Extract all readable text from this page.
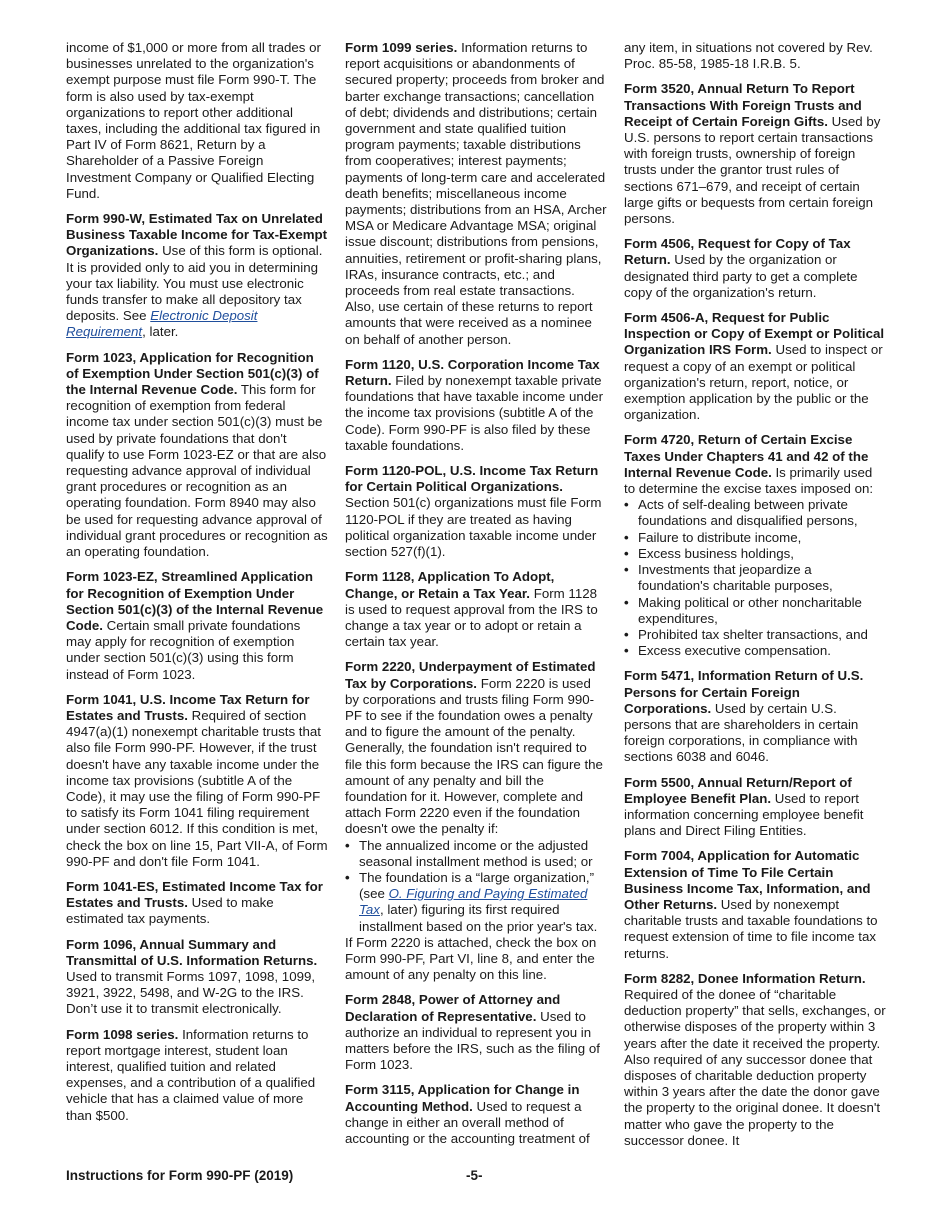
income of $1,000 or more from all trades or businesses unrelated to the organization's exempt purpose must file Form 990-T. The form is also used by tax-exempt organizations to report other additional taxes, including the additional tax figured in Part IV of Form 8621, Return by a Shareholder of a Passive Foreign Investment Company or Qualified Electing Fund.

Form 990-W, Estimated Tax on Unrelated Business Taxable Income for Tax-Exempt Organizations. Use of this form is optional. It is provided only to aid you in determining your tax liability. You must use electronic funds transfer to make all depository tax deposits. See Electronic Deposit Requirement, later.

Form 1023, Application for Recognition of Exemption Under Section 501(c)(3) of the Internal Revenue Code. This form for recognition of exemption from federal income tax under section 501(c)(3) must be used by private foundations that don't qualify to use Form 1023-EZ or that are also requesting advance approval of individual grant procedures or recognition as an operating foundation. Form 8940 may also be used for requesting advance approval of individual grant procedures or recognition as an operating foundation.

Form 1023-EZ, Streamlined Application for Recognition of Exemption Under Section 501(c)(3) of the Internal Revenue Code. Certain small private foundations may apply for recognition of exemption under section 501(c)(3) using this form instead of Form 1023.

Form 1041, U.S. Income Tax Return for Estates and Trusts. Required of section 4947(a)(1) nonexempt charitable trusts that also file Form 990-PF. However, if the trust doesn't have any taxable income under the income tax provisions (subtitle A of the Code), it may use the filing of Form 990-PF to satisfy its Form 1041 filing requirement under section 6012. If this condition is met, check the box on line 15, Part VII-A, of Form 990-PF and don't file Form 1041.

Form 1041-ES, Estimated Income Tax for Estates and Trusts. Used to make estimated tax payments.

Form 1096, Annual Summary and Transmittal of U.S. Information Returns. Used to transmit Forms 1097, 1098, 1099, 3921, 3922, 5498, and W-2G to the IRS. Don’t use it to transmit electronically.

Form 1098 series. Information returns to report mortgage interest, student loan interest, qualified tuition and related expenses, and a contribution of a qualified vehicle that has a claimed value of more than $500.

Form 1099 series. Information returns to report acquisitions or abandonments of secured property; proceeds from broker and barter exchange transactions; cancellation of debt; dividends and distributions; certain government and state qualified tuition program payments; taxable distributions from cooperatives; interest payments; payments of long-term care and accelerated death benefits; miscellaneous income payments; distributions from an HSA, Archer MSA or Medicare Advantage MSA; original issue discount; distributions from pensions, annuities, retirement or profit-sharing plans, IRAs, insurance contracts, etc.; and proceeds from real estate transactions. Also, use certain of these returns to report amounts that were received as a nominee on behalf of another person.

Form 1120, U.S. Corporation Income Tax Return. Filed by nonexempt taxable private foundations that have taxable income under the income tax provisions (subtitle A of the Code). Form 990-PF is also filed by these taxable foundations.

Form 1120-POL, U.S. Income Tax Return for Certain Political Organizations. Section 501(c) organizations must file Form 1120-POL if they are treated as having political organization taxable income under section 527(f)(1).

Form 1128, Application To Adopt, Change, or Retain a Tax Year. Form 1128 is used to request approval from the IRS to change a tax year or to adopt or retain a certain tax year.

Form 2220, Underpayment of Estimated Tax by Corporations. Form 2220 is used by corporations and trusts filing Form 990-PF to see if the foundation owes a penalty and to figure the amount of the penalty. Generally, the foundation isn't required to file this form because the IRS can figure the amount of any penalty and bill the foundation for it. However, complete and attach Form 2220 even if the foundation doesn't owe the penalty if:

• The annualized income or the adjusted seasonal installment method is used; or
• The foundation is a “large organization,” (see O. Figuring and Paying Estimated Tax, later) figuring its first required installment based on the prior year's tax.

If Form 2220 is attached, check the box on Form 990-PF, Part VI, line 8, and enter the amount of any penalty on this line.

Form 2848, Power of Attorney and Declaration of Representative. Used to authorize an individual to represent you in matters before the IRS, such as the filing of Form 1023.

Form 3115, Application for Change in Accounting Method. Used to request a change in either an overall method of accounting or the accounting treatment of

any item, in situations not covered by Rev. Proc. 85-58, 1985-18 I.R.B. 5.

Form 3520, Annual Return To Report Transactions With Foreign Trusts and Receipt of Certain Foreign Gifts. Used by U.S. persons to report certain transactions with foreign trusts, ownership of foreign trusts under the grantor trust rules of sections 671–679, and receipt of certain large gifts or bequests from certain foreign persons.

Form 4506, Request for Copy of Tax Return. Used by the organization or designated third party to get a complete copy of the organization's return.

Form 4506-A, Request for Public Inspection or Copy of Exempt or Political Organization IRS Form. Used to inspect or request a copy of an exempt or political organization's return, report, notice, or exemption application by the public or the organization.

Form 4720, Return of Certain Excise Taxes Under Chapters 41 and 42 of the Internal Revenue Code. Is primarily used to determine the excise taxes imposed on:

• Acts of self-dealing between private foundations and disqualified persons,
• Failure to distribute income,
• Excess business holdings,
• Investments that jeopardize a foundation's charitable purposes,
• Making political or other noncharitable expenditures,
• Prohibited tax shelter transactions, and
• Excess executive compensation.

Form 5471, Information Return of U.S. Persons for Certain Foreign Corporations. Used by certain U.S. persons that are shareholders in certain foreign corporations, in compliance with sections 6038 and 6046.

Form 5500, Annual Return/Report of Employee Benefit Plan. Used to report information concerning employee benefit plans and Direct Filing Entities.

Form 7004, Application for Automatic Extension of Time To File Certain Business Income Tax, Information, and Other Returns. Used by nonexempt charitable trusts and taxable foundations to request extension of time to file income tax returns.

Form 8282, Donee Information Return. Required of the donee of “charitable deduction property” that sells, exchanges, or otherwise disposes of the property within 3 years after the date it received the property. Also required of any successor donee that disposes of charitable deduction property within 3 years after the date the donor gave the property to the original donee. It doesn't matter who gave the property to the successor donee. It

Instructions for Form 990-PF (2019)	-5-
